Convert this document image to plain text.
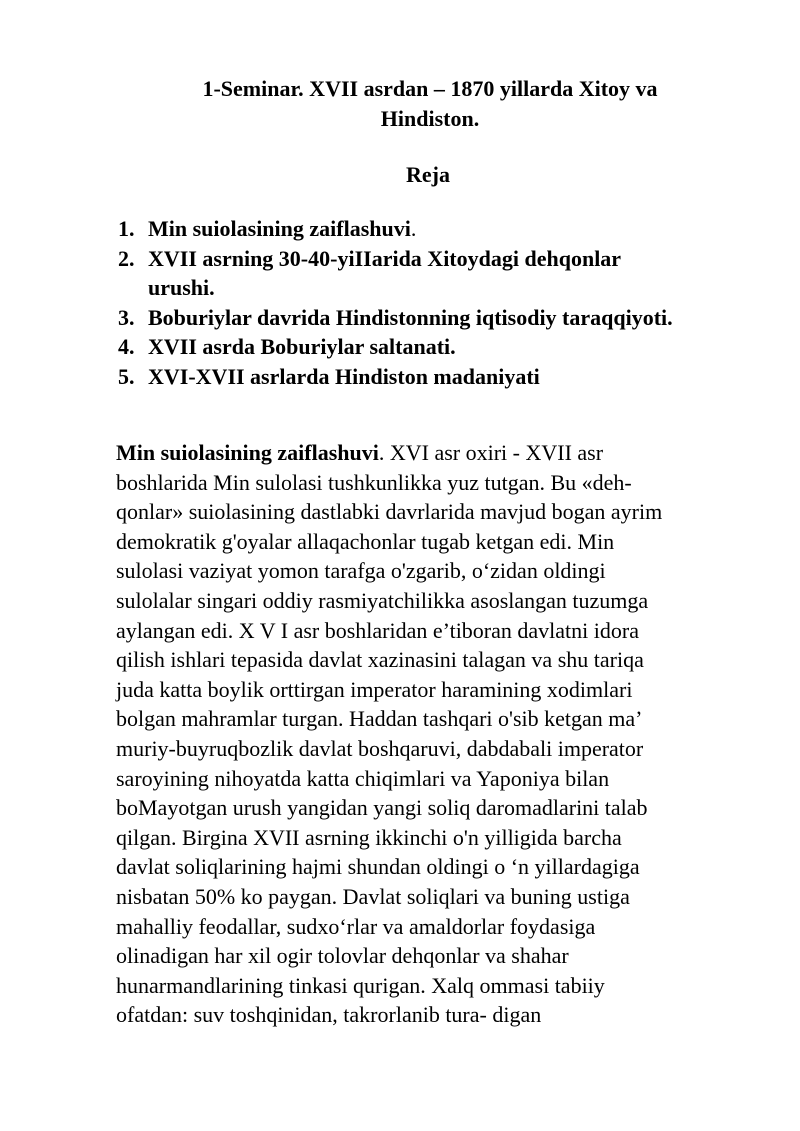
1-Seminar. XVII asrdan – 1870 yillarda Xitoy va
Hindiston.
Reja
1. Min suiolasining zaiflashuvi.
2. XVII asrning 30-40-yiIIarida Xitoydagi dehqonlar
urushi.
3. Boburiylar davrida Hindistonning iqtisodiy taraqqiyoti.
4. XVII asrda Boburiylar saltanati.
5. XVI-XVII asrlarda Hindiston madaniyati
Min suiolasining zaiflashuvi. XVI asr oxiri - XVII asr
boshlarida Min sulolasi tushkunlikka yuz tutgan. Bu «deh-
qonlar» suiolasining dastlabki davrlarida mavjud bogan ayrim
demokratik g'oyalar allaqachonlar tugab ketgan edi. Min
sulolasi vaziyat yomon tarafga o'zgarib, o‘zidan oldingi
sulolalar singari oddiy rasmiyatchilikka asoslangan tuzumga
aylangan edi. X V I asr boshlaridan e’tiboran davlatni idora
qilish ishlari tepasida davlat xazinasini talagan va shu tariqa
juda katta boylik orttirgan imperator haramining xodimlari
bolgan mahramlar turgan. Haddan tashqari o'sib ketgan ma’
muriy-buyruqbozlik davlat boshqaruvi, dabdabali imperator
saroyining nihoyatda katta chiqimlari va Yaponiya bilan
boMayotgan urush yangidan yangi soliq daromadlarini talab
qilgan. Birgina XVII asrning ikkinchi o'n yilligida barcha
davlat soliqlarining hajmi shundan oldingi o ‘n yillardagiga
nisbatan 50% ko paygan. Davlat soliqlari va buning ustiga
mahalliy feodallar, sudxo‘rlar va amaldorlar foydasiga
olinadigan har xil ogir tolovlar dehqonlar va shahar
hunarmandlarining tinkasi qurigan. Xalq ommasi tabiiy
ofatdan: suv toshqinidan, takrorlanib tura- digan
